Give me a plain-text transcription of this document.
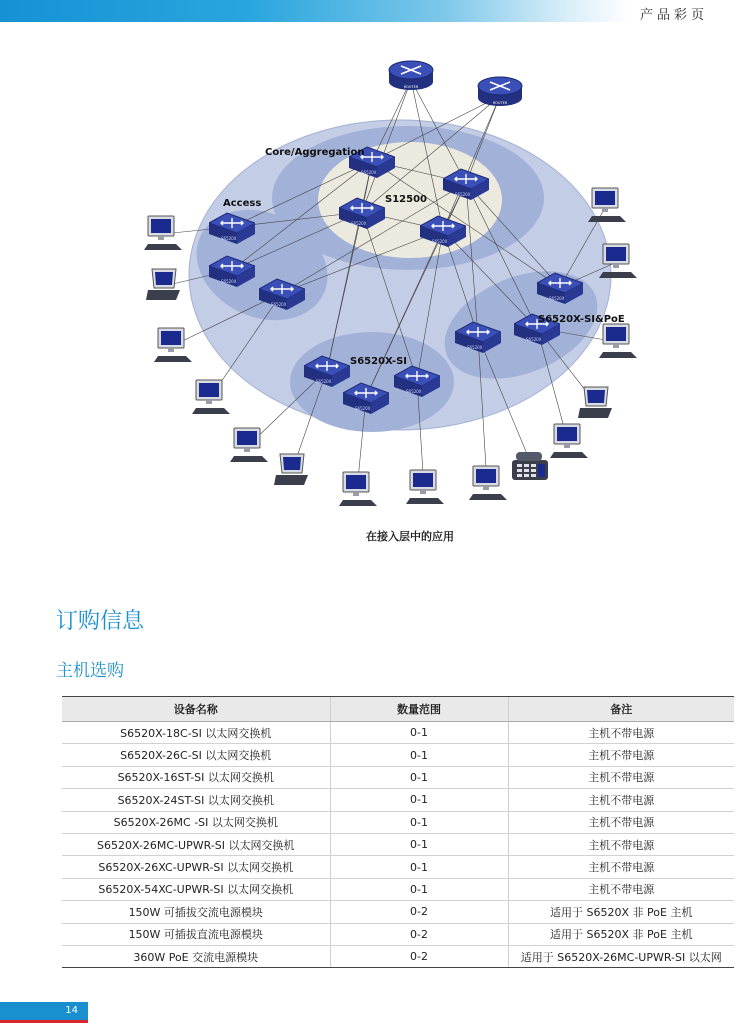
产品彩页
ROUTER
ROUTER
Core/Aggregation
S12500
Access
S6520X-SI
S6520X-SI&PoE
在接入层中的应用
订购信息
主机选购
设备名称	数量范围	备注
S6520X-18C-SI 以太网交换机	0-1	主机不带电源
S6520X-26C-SI 以太网交换机	0-1	主机不带电源
S6520X-16ST-SI 以太网交换机	0-1	主机不带电源
S6520X-24ST-SI 以太网交换机	0-1	主机不带电源
S6520X-26MC -SI 以太网交换机	0-1	主机不带电源
S6520X-26MC-UPWR-SI 以太网交换机	0-1	主机不带电源
S6520X-26XC-UPWR-SI 以太网交换机	0-1	主机不带电源
S6520X-54XC-UPWR-SI 以太网交换机	0-1	主机不带电源
150W 可插拔交流电源模块	0-2	适用于 S6520X 非 PoE 主机
150W 可插拔直流电源模块	0-2	适用于 S6520X 非 PoE 主机
360W PoE 交流电源模块	0-2	适用于 S6520X-26MC-UPWR-SI 以太网
14
